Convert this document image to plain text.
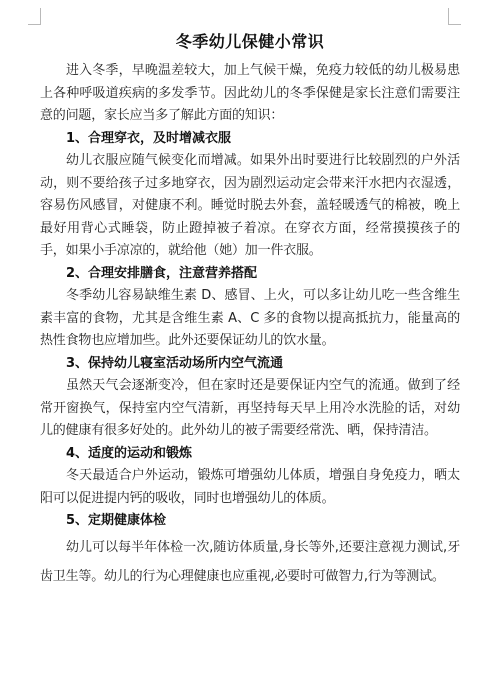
冬季幼儿保健小常识

进入冬季，早晚温差较大，加上气候干燥，免疫力较低的幼儿极易患上各种呼吸道疾病的多发季节。因此幼儿的冬季保健是家长注意们需要注意的问题，家长应当多了解此方面的知识：

1、合理穿衣，及时增减衣服

幼儿衣服应随气候变化而增减。如果外出时要进行比较剧烈的户外活动，则不要给孩子过多地穿衣，因为剧烈运动定会带来汗水把内衣湿透，容易伤风感冒，对健康不利。睡觉时脱去外套，盖轻暖透气的棉被，晚上最好用背心式睡袋，防止蹬掉被子着凉。在穿衣方面，经常摸摸孩子的手，如果小手凉凉的，就给他（她）加一件衣服。

2、合理安排膳食，注意营养搭配

冬季幼儿容易缺维生素 D、感冒、上火，可以多让幼儿吃一些含维生素丰富的食物，尤其是含维生素 A、C 多的食物以提高抵抗力，能量高的热性食物也应增加些。此外还要保证幼儿的饮水量。

3、保持幼儿寝室活动场所内空气流通

虽然天气会逐渐变冷，但在家时还是要保证内空气的流通。做到了经常开窗换气，保持室内空气清新，再坚持每天早上用冷水洗脸的话，对幼儿的健康有很多好处的。此外幼儿的被子需要经常洗、晒，保持清洁。

4、适度的运动和锻炼

冬天最适合户外运动，锻炼可增强幼儿体质，增强自身免疫力，晒太阳可以促进提内钙的吸收，同时也增强幼儿的体质。

5、定期健康体检

幼儿可以每半年体检一次,随访体质量,身长等外,还要注意视力测试,牙齿卫生等。幼儿的行为心理健康也应重视,必要时可做智力,行为等测试。
